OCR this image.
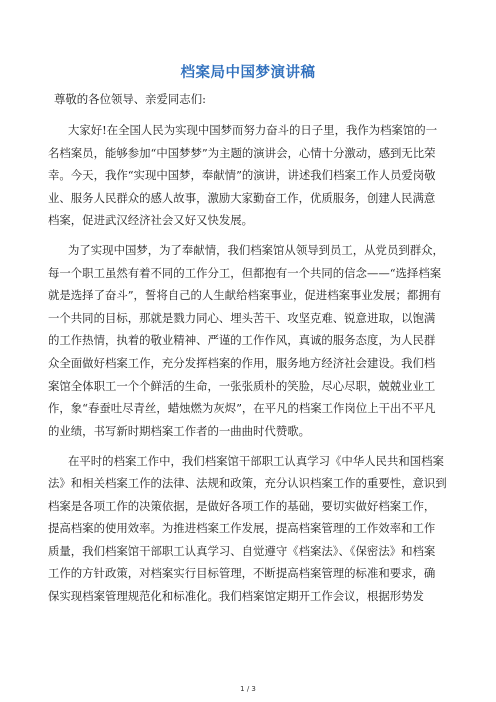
档案局中国梦演讲稿
尊敬的各位领导、亲爱同志们:
大家好!在全国人民为实现中国梦而努力奋斗的日子里，我作为档案馆的一
名档案员，能够参加“中国梦梦”为主题的演讲会，心情十分激动，感到无比荣
幸。今天，我作“实现中国梦，奉献情”的演讲，讲述我们档案工作人员爱岗敬
业、服务人民群众的感人故事，激励大家勤奋工作，优质服务，创建人民满意
档案，促进武汉经济社会又好又快发展。
为了实现中国梦，为了奉献情，我们档案馆从领导到员工，从党员到群众，
每一个职工虽然有着不同的工作分工，但都抱有一个共同的信念——“选择档案
就是选择了奋斗”，誓将自己的人生献给档案事业，促进档案事业发展；都拥有
一个共同的目标，那就是戮力同心、埋头苦干、攻坚克难、锐意进取，以饱满
的工作热情，执着的敬业精神、严谨的工作作风，真诚的服务态度，为人民群
众全面做好档案工作，充分发挥档案的作用，服务地方经济社会建设。我们档
案馆全体职工一个个鲜活的生命，一张张质朴的笑脸，尽心尽职，兢兢业业工
作，象“春蚕吐尽青丝，蜡烛燃为灰烬”，在平凡的档案工作岗位上干出不平凡
的业绩，书写新时期档案工作者的一曲曲时代赞歌。
在平时的档案工作中，我们档案馆干部职工认真学习《中华人民共和国档案
法》和相关档案工作的法律、法规和政策，充分认识档案工作的重要性，意识到
档案是各项工作的决策依据，是做好各项工作的基础，要切实做好档案工作，
提高档案的使用效率。为推进档案工作发展，提高档案管理的工作效率和工作
质量，我们档案馆干部职工认真学习、自觉遵守《档案法》、《保密法》和档案
工作的方针政策，对档案实行目标管理，不断提高档案管理的标准和要求，确
保实现档案管理规范化和标准化。我们档案馆定期开工作会议，根据形势发
1 / 3
